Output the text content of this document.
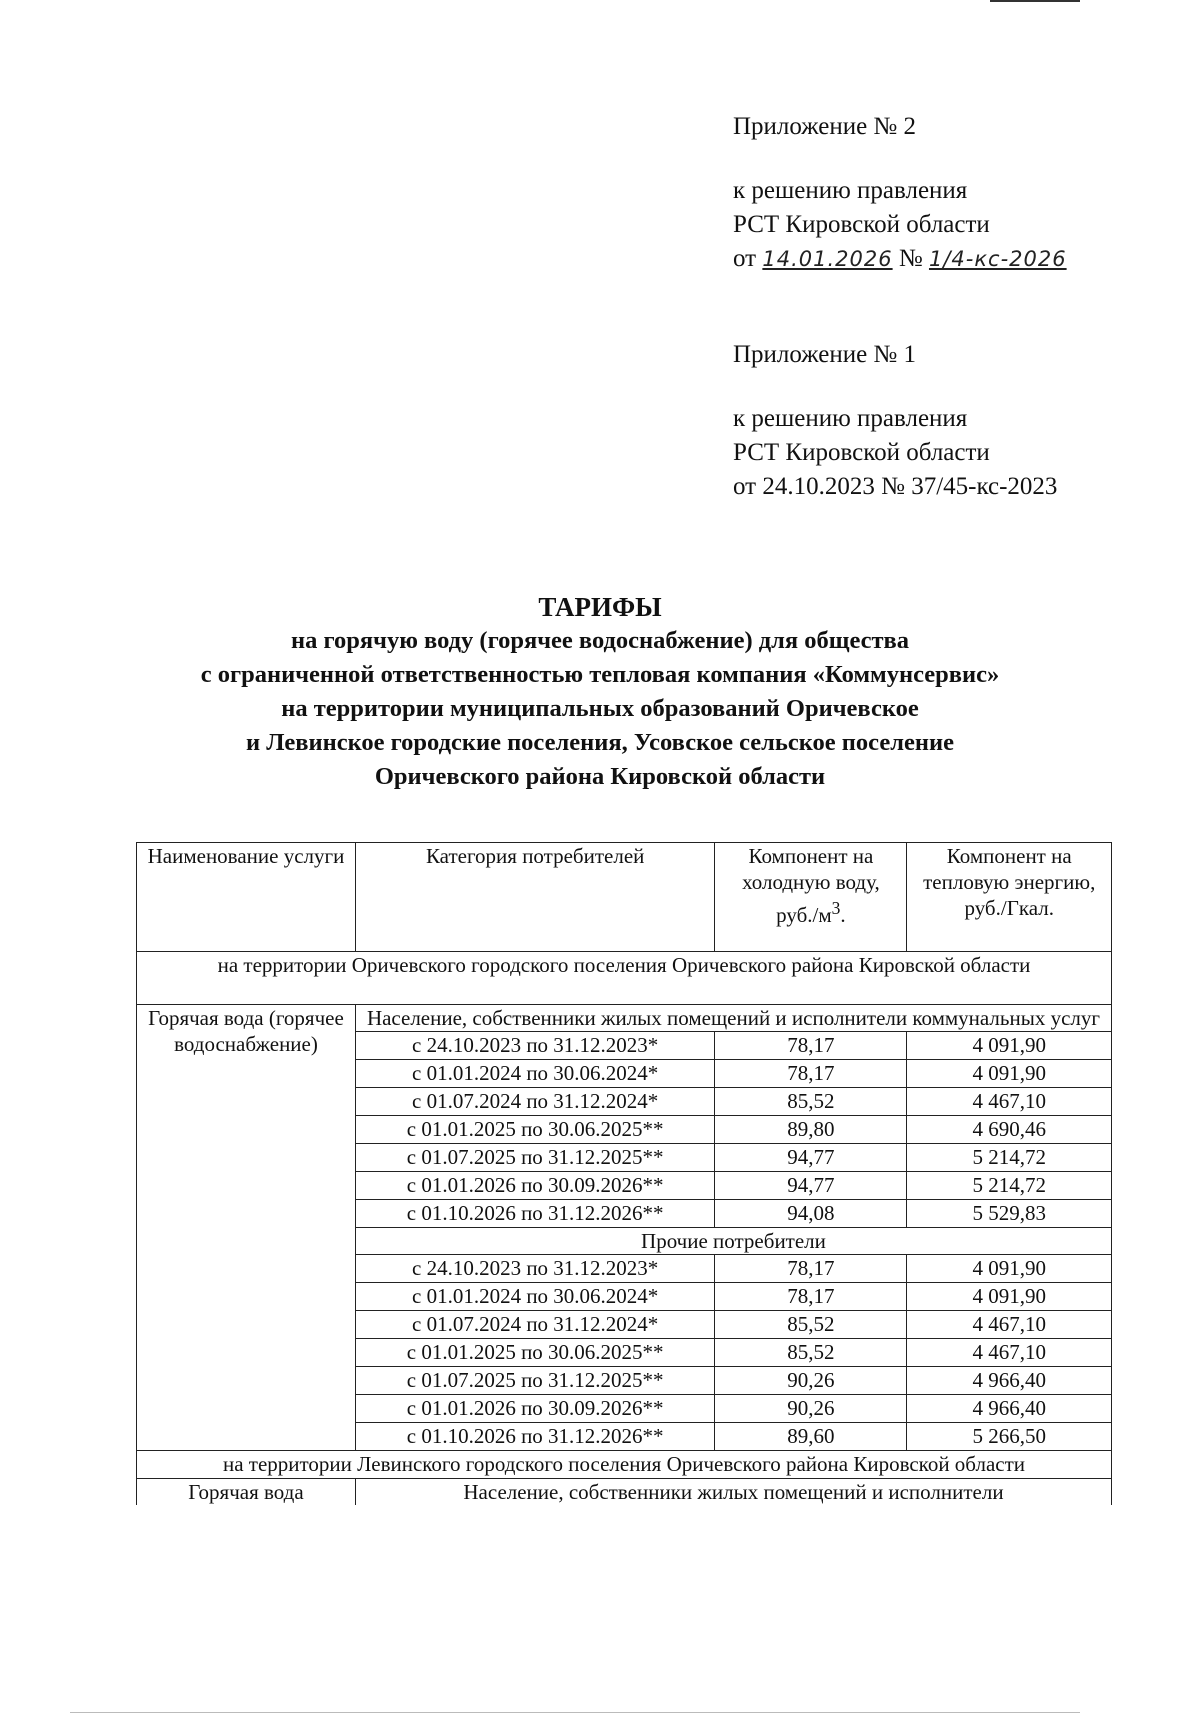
Приложение № 2
к решению правления
РСТ Кировской области
от 14.01.2026 № 1/4-кс-2026
Приложение № 1
к решению правления
РСТ Кировской области
от 24.10.2023 № 37/45-кс-2023
ТАРИФЫ
на горячую воду (горячее водоснабжение) для общества
с ограниченной ответственностью тепловая компания «Коммунсервис»
на территории муниципальных образований Оричевское
и Левинское городские поселения, Усовское сельское поселение
Оричевского района Кировской области
Наименование услуги	Категория потребителей	Компонент на холодную воду, $руб./м^3$.	Компонент на тепловую энергию, руб./Гкал.
на территории Оричевского городского поселения Оричевского района Кировской области			
Горячая вода (горячее водоснабжение)	Население, собственники жилых помещений и исполнители коммунальных услуг		
	с 24.10.2023 по 31.12.2023*	78,17	4 091,90
	с 01.01.2024 по 30.06.2024*	78,17	4 091,90
	с 01.07.2024 по 31.12.2024*	85,52	4 467,10
	с 01.01.2025 по 30.06.2025**	89,80	4 690,46
	с 01.07.2025 по 31.12.2025**	94,77	5 214,72
	с 01.01.2026 по 30.09.2026**	94,77	5 214,72
	с 01.10.2026 по 31.12.2026**	94,08	5 529,83
	Прочие потребители		
	с 24.10.2023 по 31.12.2023*	78,17	4 091,90
	с 01.01.2024 по 30.06.2024*	78,17	4 091,90
	с 01.07.2024 по 31.12.2024*	85,52	4 467,10
	с 01.01.2025 по 30.06.2025**	85,52	4 467,10
	с 01.07.2025 по 31.12.2025**	90,26	4 966,40
	с 01.01.2026 по 30.09.2026**	90,26	4 966,40
	с 01.10.2026 по 31.12.2026**	89,60	5 266,50
на территории Левинского городского поселения Оричевского района Кировской области			
Горячая вода	Население, собственники жилых помещений и исполнители		
